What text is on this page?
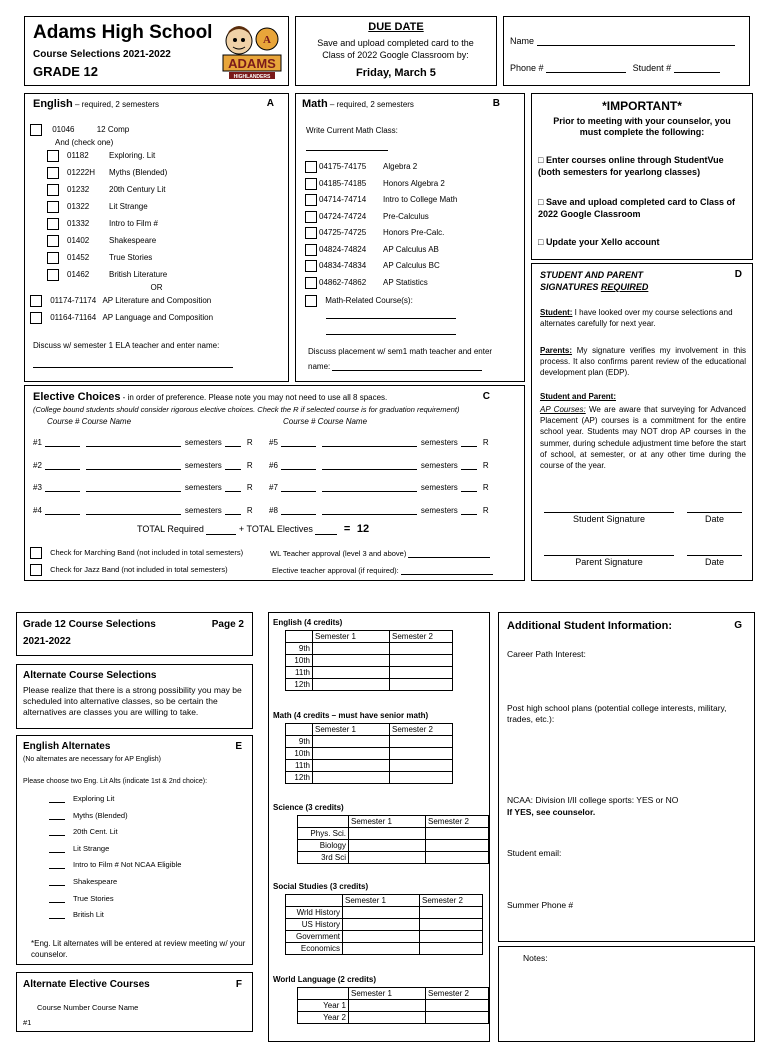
Adams High School
Course Selections 2021-2022
GRADE 12
A
ADAMS
HIGHLANDERS
DUE DATE
Save and upload completed card to the Class of 2022 Google Classroom by:
Friday, March 5
Name
Phone #	Student #
English – required, 2 semesters	A
01046	12 Comp
And (check one)
01182	Exploring. Lit
01222H Myths (Blended)
01232 20th Century Lit
01322 Lit Strange
01332 Intro to Film #
01402 Shakespeare
01452 True Stories
01462 British Literature
OR
01174-71174 AP Literature and Composition
01164-71164 AP Language and Composition
Discuss w/ semester 1 ELA teacher and enter name:
Math – required, 2 semesters	B
Write Current Math Class:
04175-74175 Algebra 2
04185-74185 Honors Algebra 2
04714-74714 Intro to College Math
04724-74724 Pre-Calculus
04725-74725 Honors Pre-Calc.
04824-74824 AP Calculus AB
04834-74834 AP Calculus BC
04862-74862 AP Statistics
Math-Related Course(s):
Discuss placement w/ sem1 math teacher and enter
name:
*IMPORTANT*
Prior to meeting with your counselor, you must complete the following:
□ Enter courses online through StudentVue (both semesters for yearlong classes)
□ Save and upload completed card to Class of 2022 Google Classroom
□ Update your Xello account
STUDENT AND PARENT
SIGNATURES REQUIRED
D
Student: I have looked over my course selections and alternates carefully for next year.
Parents: My signature verifies my involvement in this process. It also confirms parent review of the educational development plan (EDP).
Student and Parent:
AP Courses: We are aware that surveying for Advanced Placement (AP) courses is a commitment for the entire school year. Students may NOT drop AP courses in the summer, during schedule adjustment time before the start of school, at semester, or at any other time during the course of the year.
Student Signature	Date
Parent Signature	Date
Elective Choices - in order of preference. Please note you may not need to use all 8 spaces.	C
(College bound students should consider rigorous elective choices. Check the R if selected course is for graduation requirement)
Course # Course Name	Course # Course Name
#1	semesters	R
#2	semesters	R
#3	semesters	R
#4	semesters	R
#5	semesters	R
#6	semesters	R
#7	semesters	R
#8	semesters	R
TOTAL Required	+ TOTAL Electives	= 12
Check for Marching Band (not included in total semesters)
Check for Jazz Band (not included in total semesters)
WL Teacher approval (level 3 and above)
Elective teacher approval (if required):
Grade 12 Course Selections	Page 2
2021-2022
Alternate Course Selections
Please realize that there is a strong possibility you may be scheduled into alternative classes, so be certain the alternatives are classes you are willing to take.
English Alternates	E
(No alternates are necessary for AP English)
Please choose two Eng. Lit Alts (indicate 1st & 2nd choice):
Exploring Lit
Myths (Blended)
20th Cent. Lit
Lit Strange
Intro to Film # Not NCAA Eligible
Shakespeare
True Stories
British Lit
*Eng. Lit alternates will be entered at review meeting w/ your counselor.
Alternate Elective Courses	F
Course Number Course Name
#1
English (4 credits)
	Semester 1	Semester 2
9th		
10th		
11th		
12th		
Math (4 credits – must have senior math)
	Semester 1	Semester 2
9th		
10th		
11th		
12th		
Science (3 credits)
	Semester 1	Semester 2
Phys. Sci.		
Biology		
3rd Sci		
Social Studies (3 credits)
	Semester 1	Semester 2
Wrld History		
US History		
Government		
Economics		
World Language (2 credits)
	Semester 1	Semester 2
Year 1		
Year 2		
Additional Student Information:	G
Career Path Interest:
Post high school plans (potential college interests, military, trades, etc.):
NCAA: Division I/II college sports: YES or NO
If YES, see counselor.
Student email:
Summer Phone #
Notes:
